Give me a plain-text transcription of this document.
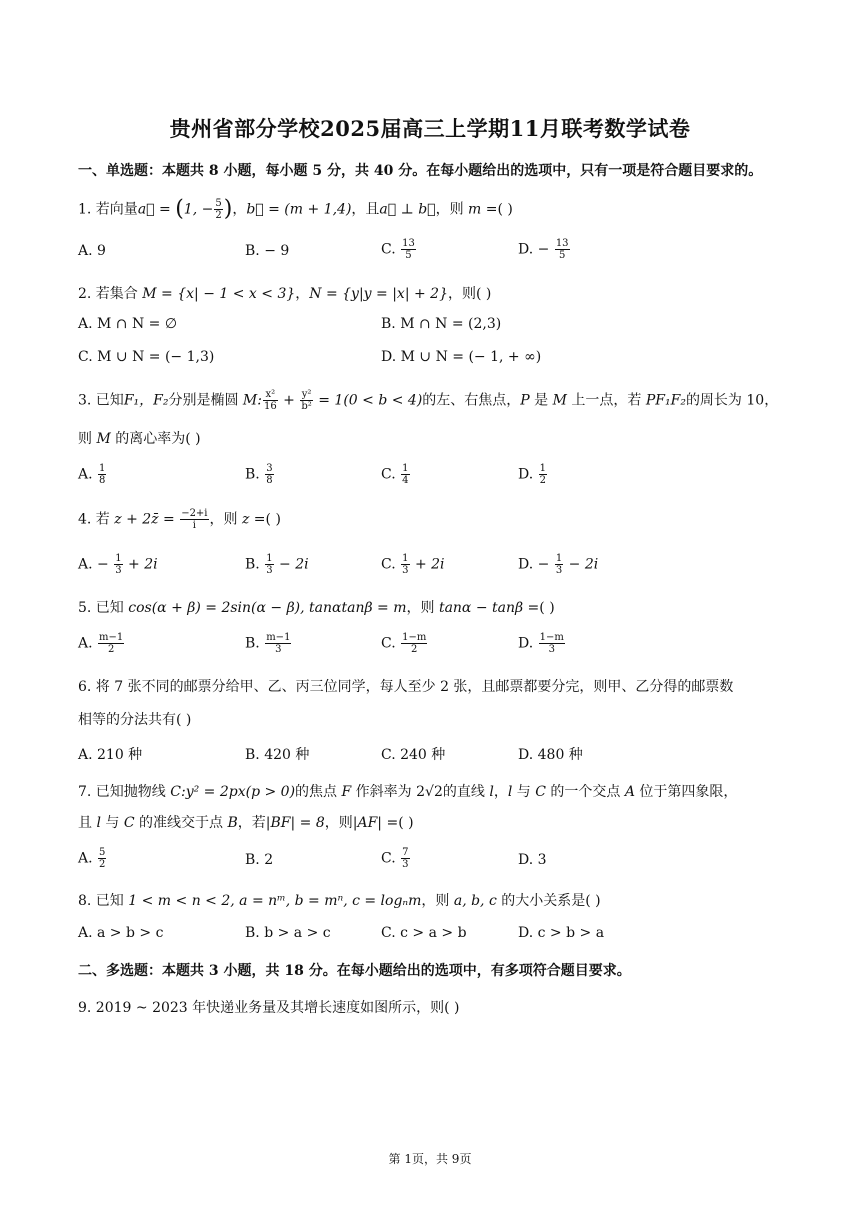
贵州省部分学校2025届高三上学期11月联考数学试卷
一、单选题：本题共 8 小题，每小题 5 分，共 40 分。在每小题给出的选项中，只有一项是符合题目要求的。
1. 若向量a⃗ = (1, − $\frac{5}{2}$ )，b⃗ = (m + 1,4)，且a⃗ ⊥ b⃗，则 m =( )
A. 9	B. − 9	C. $\frac{13}{5}$	D. − $\frac{13}{5}$
2. 若集合 M = {x| − 1 < x < 3}，N = {y|y = |x| + 2}，则( )
A. M ∩ N = ∅	B. M ∩ N = (2,3)
C. M ∪ N = (− 1,3)	D. M ∪ N = (− 1, + ∞)
3. 已知F₁，F₂分别是椭圆 M: $\frac{\text{x²}}{16} + \frac{\text{y²}}{\text{b²}} = 1(0 < b < 4)$的左、右焦点，P 是 M 上一点，若 PF₁F₂的周长为 10，
则 M 的离心率为( )
A. $\frac{1}{8}$	B. $\frac{3}{8}$	C. $\frac{1}{4}$	D. $\frac{1}{2}$
4. 若 z + 2z̄ = $\frac{-2+i}{i}$ ，则 z =( )
A. − $\frac{1}{3} + 2i$	B. $\frac{1}{3} - 2i$	C. $\frac{1}{3} + 2i$	D. − $\frac{1}{3} - 2i$
5. 已知 cos(α + β) = 2sin(α − β), tanαtanβ = m，则 tanα − tanβ =( )
A. $\frac{m-1}{2}$	B. $\frac{m-1}{3}$	C. $\frac{1-m}{2}$	D. $\frac{1-m}{3}$
6. 将 7 张不同的邮票分给甲、乙、丙三位同学，每人至少 2 张，且邮票都要分完，则甲、乙分得的邮票数
相等的分法共有( )
A. 210 种	B. 420 种	C. 240 种	D. 480 种
7. 已知抛物线 C:y² = 2px(p > 0)的焦点 F 作斜率为 2√2的直线 l，l 与 C 的一个交点 A 位于第四象限，
且 l 与 C 的准线交于点 B，若|BF| = 8，则|AF| =( )
A. $\frac{5}{2}$	B. 2	C. $\frac{7}{3}$	D. 3
8. 已知 1 < m < n < 2, a = nᵐ, b = mⁿ, c = logₙm，则 a, b, c 的大小关系是( )
A. a > b > c	B. b > a > c	C. c > a > b	D. c > b > a
二、多选题：本题共 3 小题，共 18 分。在每小题给出的选项中，有多项符合题目要求。
9. 2019 ~ 2023 年快递业务量及其增长速度如图所示，则( )
第 1页，共 9页
